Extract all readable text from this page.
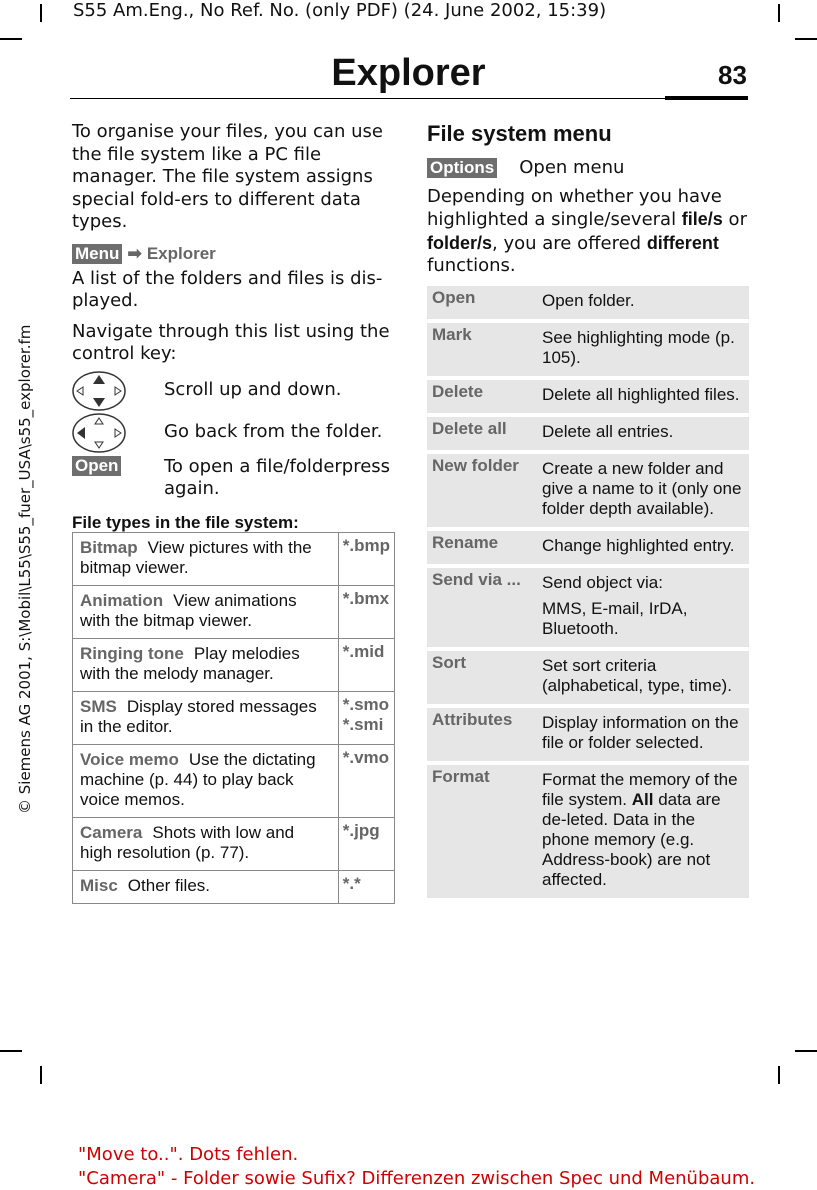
S55 Am.Eng., No Ref. No. (only PDF) (24. June 2002, 15:39)
Explorer	83
© Siemens AG 2001, S:\Mobil\L55\S55_fuer_USA\s55_explorer.fm
To organise your files, you can use the file system like a PC file manager. The file system assigns special fold-ers to different data types.
Menu ➡ Explorer
A list of the folders and files is dis-played.
Navigate through this list using the control key:
Scroll up and down.
Go back from the folder.
Open	To open a file/folderpress again.
File types in the file system:
Bitmap View pictures with the bitmap viewer.	*.bmp
Animation View animations with the bitmap viewer.	*.bmx
Ringing tone Play melodies with the melody manager.	*.mid
SMS Display stored messages in the editor.	*.smo
*.smi
Voice memo Use the dictating machine (p. 44) to play back voice memos.	*.vmo
Camera Shots with low and high resolution (p. 77).	*.jpg
Misc Other files.	*.*
File system menu
Options Open menu
Depending on whether you have highlighted a single/several file/s or folder/s, you are offered different functions.
Open	Open folder.

Mark	See highlighting mode (p. 105).

Delete	Delete all highlighted files.

Delete all	Delete all entries.

New folder	Create a new folder and give a name to it (only one folder depth available).

Rename	Change highlighted entry.

Send via ...	Send object via:
MMS, E-mail, IrDA, Bluetooth.

Sort	Set sort criteria (alphabetical, type, time).

Attributes	Display information on the file or folder selected.

Format	Format the memory of the file system. All data are de-leted. Data in the phone memory (e.g. Address-book) are not affected.
"Move to..". Dots fehlen.
"Camera" - Folder sowie Sufix? Differenzen zwischen Spec und Menübaum.
